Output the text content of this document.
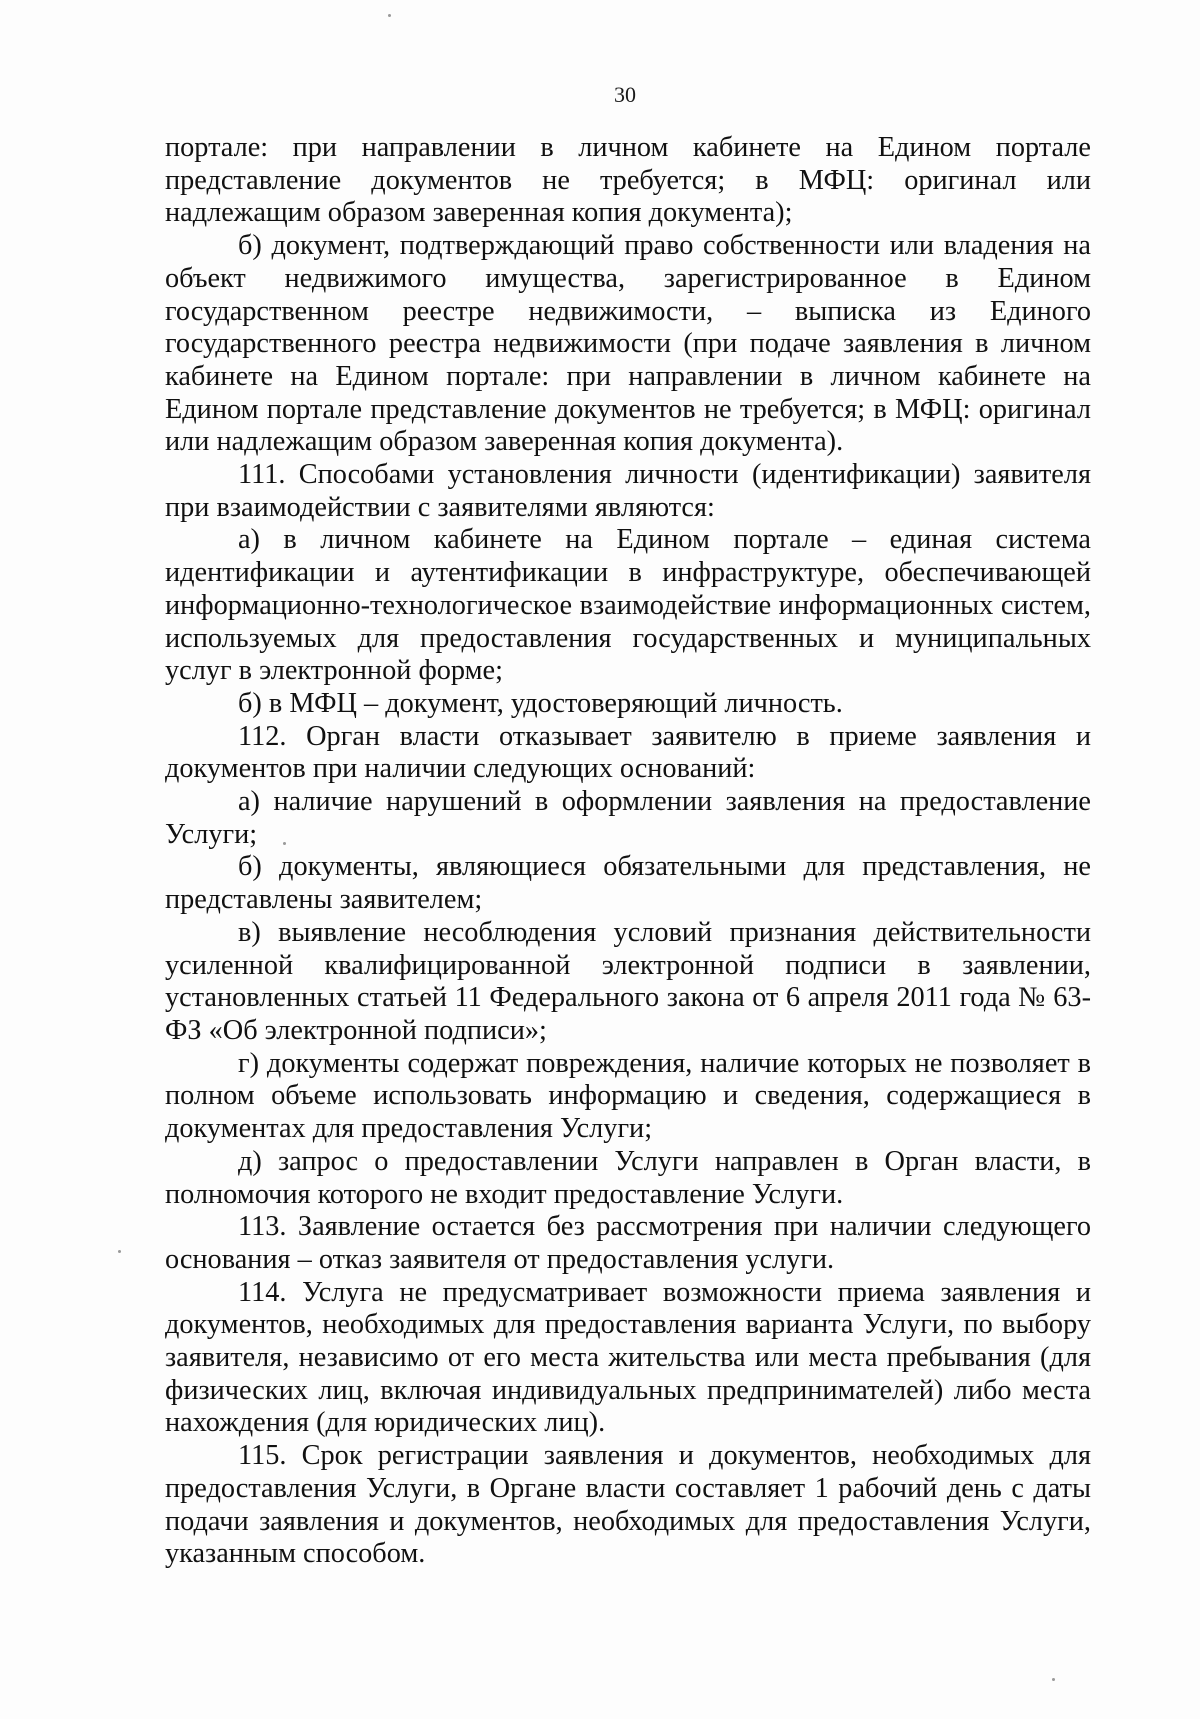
30

портале: при направлении в личном кабинете на Едином портале представление документов не требуется; в МФЦ: оригинал или надлежащим образом заверенная копия документа);

б) документ, подтверждающий право собственности или владения на объект недвижимого имущества, зарегистрированное в Едином государственном реестре недвижимости, – выписка из Единого государственного реестра недвижимости (при подаче заявления в личном кабинете на Едином портале: при направлении в личном кабинете на Едином портале представление документов не требуется; в МФЦ: оригинал или надлежащим образом заверенная копия документа).

111. Способами установления личности (идентификации) заявителя при взаимодействии с заявителями являются:

а) в личном кабинете на Едином портале – единая система идентификации и аутентификации в инфраструктуре, обеспечивающей информационно-технологическое взаимодействие информационных систем, используемых для предоставления государственных и муниципальных услуг в электронной форме;

б) в МФЦ – документ, удостоверяющий личность.

112. Орган власти отказывает заявителю в приеме заявления и документов при наличии следующих оснований:

а) наличие нарушений в оформлении заявления на предоставление Услуги;

б) документы, являющиеся обязательными для представления, не представлены заявителем;

в) выявление несоблюдения условий признания действительности усиленной квалифицированной электронной подписи в заявлении, установленных статьей 11 Федерального закона от 6 апреля 2011 года № 63-ФЗ «Об электронной подписи»;

г) документы содержат повреждения, наличие которых не позволяет в полном объеме использовать информацию и сведения, содержащиеся в документах для предоставления Услуги;

д) запрос о предоставлении Услуги направлен в Орган власти, в полномочия которого не входит предоставление Услуги.

113. Заявление остается без рассмотрения при наличии следующего основания – отказ заявителя от предоставления услуги.

114. Услуга не предусматривает возможности приема заявления и документов, необходимых для предоставления варианта Услуги, по выбору заявителя, независимо от его места жительства или места пребывания (для физических лиц, включая индивидуальных предпринимателей) либо места нахождения (для юридических лиц).

115. Срок регистрации заявления и документов, необходимых для предоставления Услуги, в Органе власти составляет 1 рабочий день с даты подачи заявления и документов, необходимых для предоставления Услуги, указанным способом.
